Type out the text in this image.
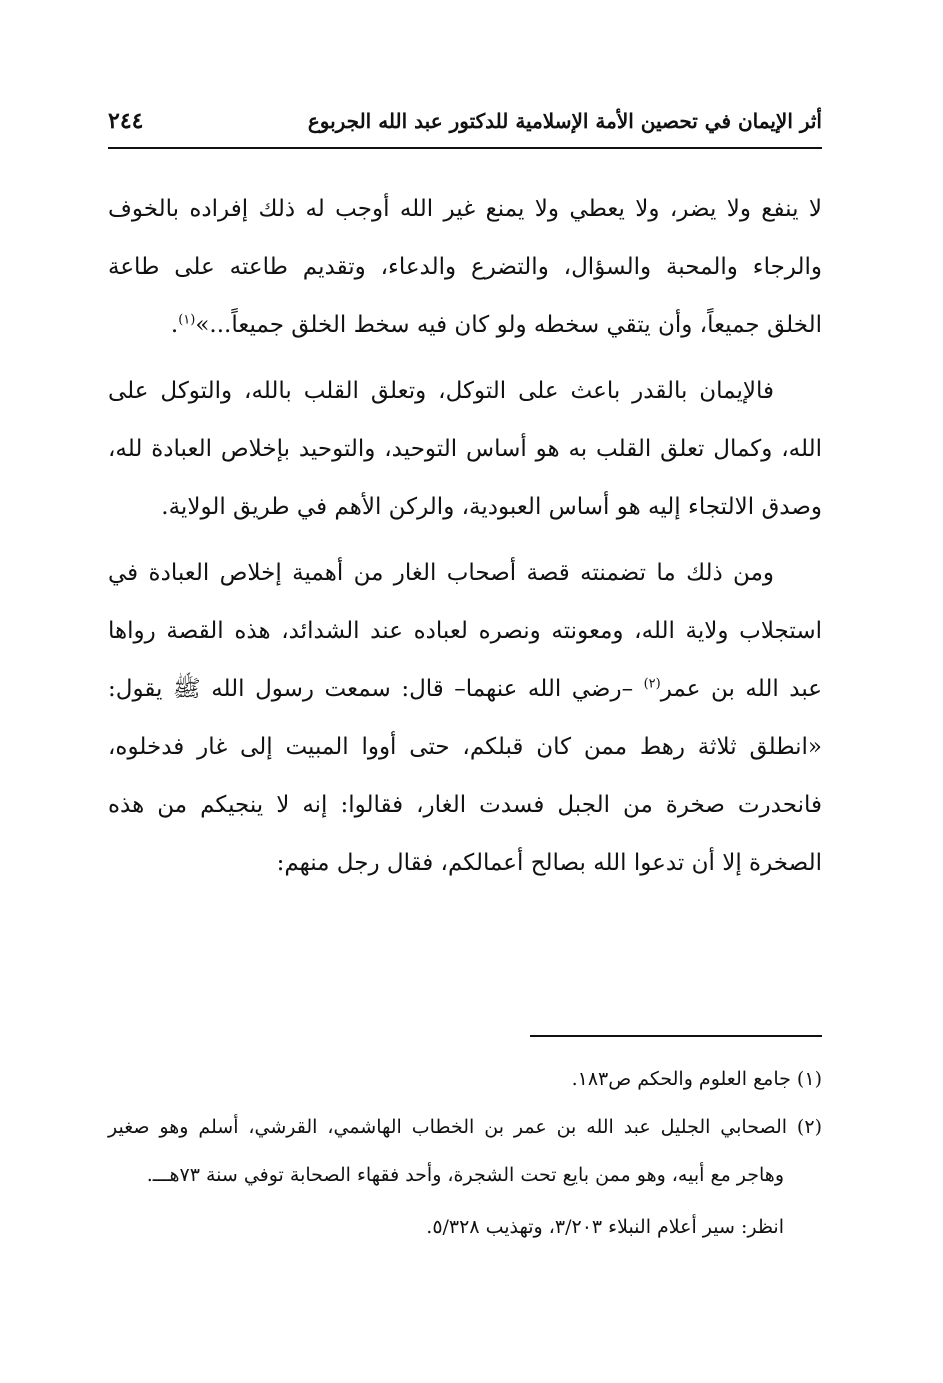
أثر الإيمان في تحصين الأمة الإسلامية للدكتور عبد الله الجربوع
٢٤٤

لا ينفع ولا يضر، ولا يعطي ولا يمنع غير الله أوجب له ذلك إفراده بالخوف والرجاء والمحبة والسؤال، والتضرع والدعاء، وتقديم طاعته على طاعة الخلق جميعاً، وأن يتقي سخطه ولو كان فيه سخط الخلق جميعاً...»$^{(١)}$.

فالإيمان بالقدر باعث على التوكل، وتعلق القلب بالله، والتوكل على الله، وكمال تعلق القلب به هو أساس التوحيد، والتوحيد بإخلاص العبادة لله، وصدق الالتجاء إليه هو أساس العبودية، والركن الأهم في طريق الولاية.

ومن ذلك ما تضمنته قصة أصحاب الغار من أهمية إخلاص العبادة في استجلاب ولاية الله، ومعونته ونصره لعباده عند الشدائد، هذه القصة رواها عبد الله بن عمر$^{(٢)}$ –رضي الله عنهما– قال: سمعت رسول الله ﷺ يقول: «انطلق ثلاثة رهط ممن كان قبلكم، حتى أووا المبيت إلى غار فدخلوه، فانحدرت صخرة من الجبل فسدت الغار، فقالوا: إنه لا ينجيكم من هذه الصخرة إلا أن تدعوا الله بصالح أعمالكم، فقال رجل منهم:

(١) جامع العلوم والحكم ص١٨٣.

(٢) الصحابي الجليل عبد الله بن عمر بن الخطاب الهاشمي، القرشي، أسلم وهو صغير وهاجر مع أبيه، وهو ممن بايع تحت الشجرة، وأحد فقهاء الصحابة توفي سنة ٧٣هـــ.

انظر: سير أعلام النبلاء ٣/٢٠٣، وتهذيب ٥/٣٢٨.
